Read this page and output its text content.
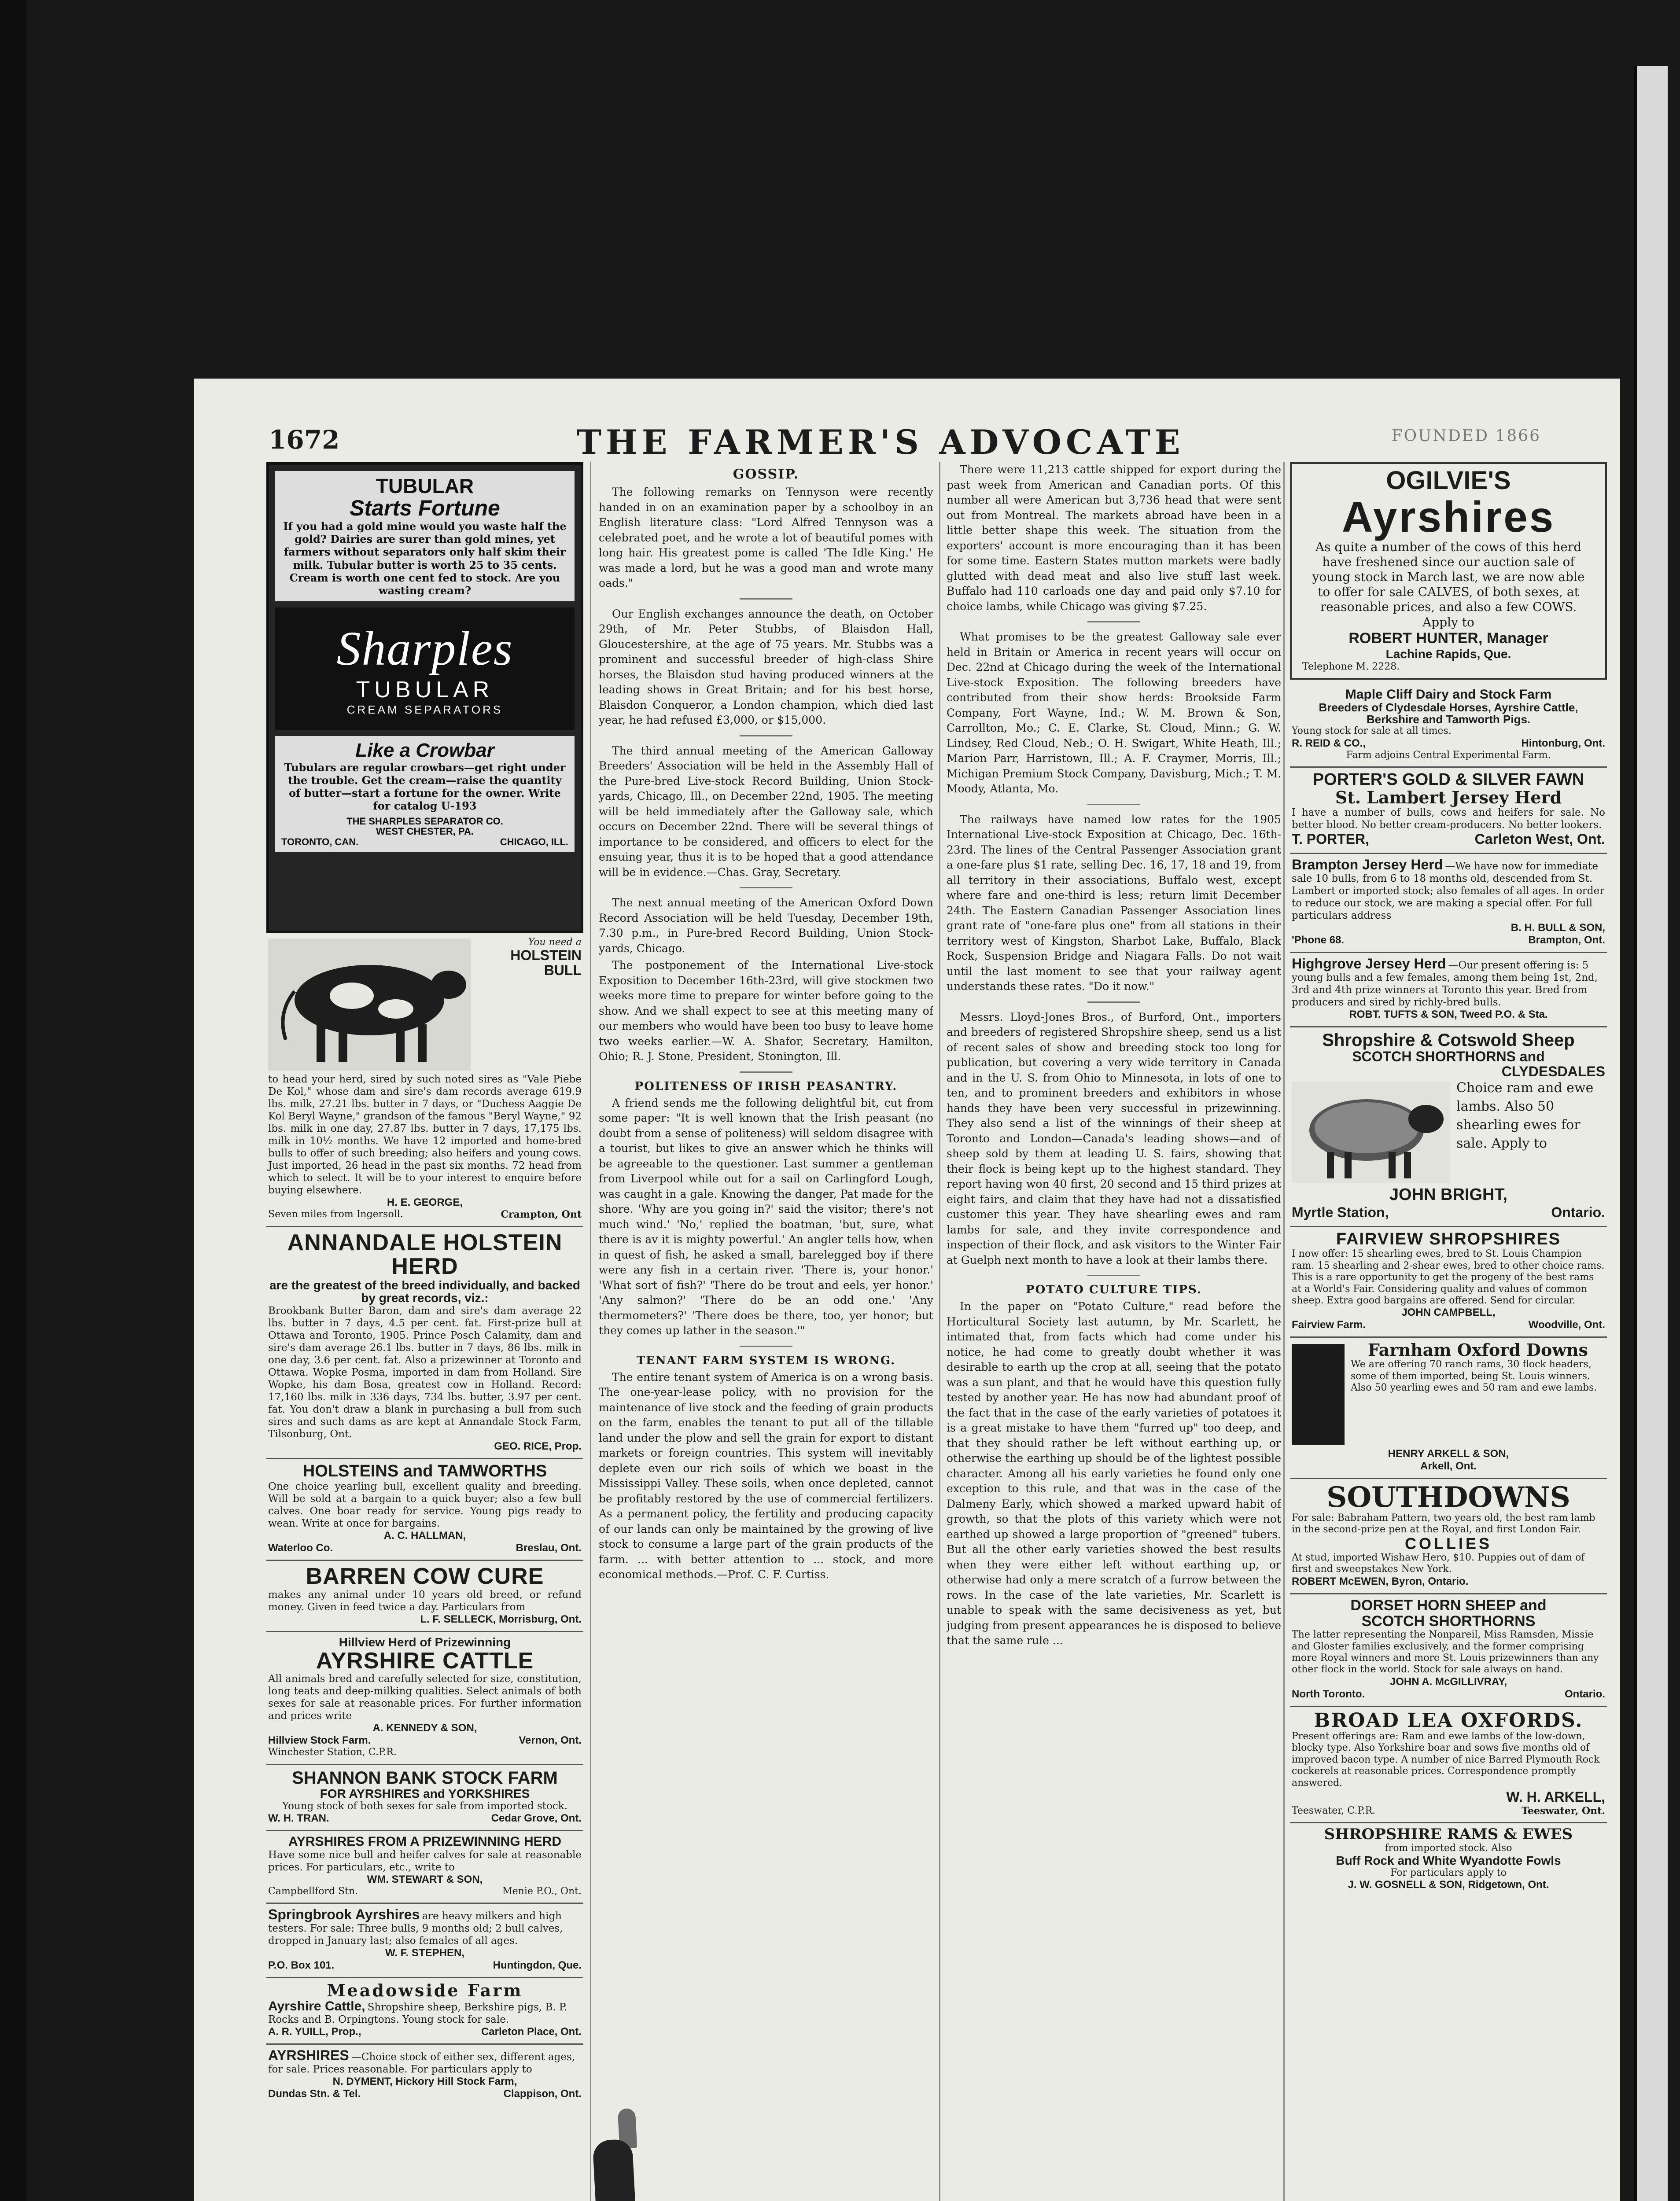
1672	THE FARMER'S ADVOCATE	FOUNDED 1866
TUBULAR
Starts Fortune
If you had a gold mine would you waste half the gold? Dairies are surer than gold mines, yet farmers without separators only half skim their milk. Tubular butter is worth 25 to 35 cents. Cream is worth one cent fed to stock. Are you wasting cream?
Sharples
TUBULAR
CREAM SEPARATORS
Like a Crowbar
Tubulars are regular crowbars—get right under the trouble. Get the cream—raise the quantity of butter—start a fortune for the owner. Write for catalog U-193
THE SHARPLES SEPARATOR CO.
WEST CHESTER, PA.
TORONTO, CAN.	CHICAGO, ILL.
You need a
HOLSTEIN
BULL
to head your herd, sired by such noted sires as "Vale Piebe De Kol," whose dam and sire's dam records average 619.9 lbs. milk, 27.21 lbs. butter in 7 days, or "Duchess Aaggie De Kol Beryl Wayne," grandson of the famous "Beryl Wayne," 92 lbs. milk in one day, 27.87 lbs. butter in 7 days, 17,175 lbs. milk in 10½ months. We have 12 imported and home-bred bulls to offer of such breeding; also heifers and young cows. Just imported, 26 head in the past six months. 72 head from which to select. It will be to your interest to enquire before buying elsewhere.
H. E. GEORGE,
Seven miles from Ingersoll.	Crampton, Ont
ANNANDALE HOLSTEIN HERD
are the greatest of the breed individually, and backed by great records, viz.:
Brookbank Butter Baron, dam and sire's dam average 22 lbs. butter in 7 days, 4.5 per cent. fat. First-prize bull at Ottawa and Toronto, 1905. Prince Posch Calamity, dam and sire's dam average 26.1 lbs. butter in 7 days, 86 lbs. milk in one day, 3.6 per cent. fat. Also a prizewinner at Toronto and Ottawa. Wopke Posma, imported in dam from Holland. Sire Wopke, his dam Bosa, greatest cow in Holland. Record: 17,160 lbs. milk in 336 days, 734 lbs. butter, 3.97 per cent. fat. You don't draw a blank in purchasing a bull from such sires and such dams as are kept at Annandale Stock Farm, Tilsonburg, Ont.
GEO. RICE, Prop.
HOLSTEINS and TAMWORTHS
One choice yearling bull, excellent quality and breeding. Will be sold at a bargain to a quick buyer; also a few bull calves. One boar ready for service. Young pigs ready to wean. Write at once for bargains.
A. C. HALLMAN,
Waterloo Co.	Breslau, Ont.
BARREN COW CURE
makes any animal under 10 years old breed, or refund money. Given in feed twice a day. Particulars from
L. F. SELLECK, Morrisburg, Ont.
Hillview Herd of Prizewinning
AYRSHIRE CATTLE
All animals bred and carefully selected for size, constitution, long teats and deep-milking qualities. Select animals of both sexes for sale at reasonable prices. For further information and prices write
A. KENNEDY & SON,
Hillview Stock Farm.	Vernon, Ont.
Winchester Station, C.P.R.
SHANNON BANK STOCK FARM
FOR AYRSHIRES and YORKSHIRES
Young stock of both sexes for sale from imported stock.
W. H. TRAN.	Cedar Grove, Ont.
AYRSHIRES FROM A PRIZEWINNING HERD
Have some nice bull and heifer calves for sale at reasonable prices. For particulars, etc., write to
WM. STEWART & SON,
Campbellford Stn.	Menie P.O., Ont.
Springbrook Ayrshires are heavy milkers and high testers. For sale: Three bulls, 9 months old; 2 bull calves, dropped in January last; also females of all ages.
W. F. STEPHEN,
P.O. Box 101.	Huntingdon, Que.
Meadowside Farm
Ayrshire Cattle, Shropshire sheep, Berkshire pigs, B. P. Rocks and B. Orpingtons. Young stock for sale.
A. R. YUILL, Prop.,	Carleton Place, Ont.
AYRSHIRES —Choice stock of either sex, different ages, for sale. Prices reasonable. For particulars apply to
N. DYMENT, Hickory Hill Stock Farm,
Dundas Stn. & Tel.	Clappison, Ont.
GOSSIP.

The following remarks on Tennyson were recently handed in on an examination paper by a schoolboy in an English literature class: "Lord Alfred Tennyson was a celebrated poet, and he wrote a lot of beautiful pomes with long hair. His greatest pome is called 'The Idle King.' He was made a lord, but he was a good man and wrote many oads."

Our English exchanges announce the death, on October 29th, of Mr. Peter Stubbs, of Blaisdon Hall, Gloucestershire, at the age of 75 years. Mr. Stubbs was a prominent and successful breeder of high-class Shire horses, the Blaisdon stud having produced winners at the leading shows in Great Britain; and for his best horse, Blaisdon Conqueror, a London champion, which died last year, he had refused £3,000, or $15,000.

The third annual meeting of the American Galloway Breeders' Association will be held in the Assembly Hall of the Pure-bred Live-stock Record Building, Union Stock-yards, Chicago, Ill., on December 22nd, 1905. The meeting will be held immediately after the Galloway sale, which occurs on December 22nd. There will be several things of importance to be considered, and officers to elect for the ensuing year, thus it is to be hoped that a good attendance will be in evidence.—Chas. Gray, Secretary.

The next annual meeting of the American Oxford Down Record Association will be held Tuesday, December 19th, 7.30 p.m., in Pure-bred Record Building, Union Stock-yards, Chicago.

The postponement of the International Live-stock Exposition to December 16th-23rd, will give stockmen two weeks more time to prepare for winter before going to the show. And we shall expect to see at this meeting many of our members who would have been too busy to leave home two weeks earlier.—W. A. Shafor, Secretary, Hamilton, Ohio; R. J. Stone, President, Stonington, Ill.

POLITENESS OF IRISH PEASANTRY.

A friend sends me the following delightful bit, cut from some paper: "It is well known that the Irish peasant (no doubt from a sense of politeness) will seldom disagree with a tourist, but likes to give an answer which he thinks will be agreeable to the questioner. Last summer a gentleman from Liverpool while out for a sail on Carlingford Lough, was caught in a gale. Knowing the danger, Pat made for the shore. 'Why are you going in?' said the visitor; there's not much wind.' 'No,' replied the boatman, 'but, sure, what there is av it is mighty powerful.' An angler tells how, when in quest of fish, he asked a small, barelegged boy if there were any fish in a certain river. 'There is, your honor.' 'What sort of fish?' 'There do be trout and eels, yer honor.' 'Any salmon?' 'There do be an odd one.' 'Any thermometers?' 'There does be there, too, yer honor; but they comes up lather in the season.'"

TENANT FARM SYSTEM IS WRONG.

The entire tenant system of America is on a wrong basis. The one-year-lease policy, with no provision for the maintenance of live stock and the feeding of grain products on the farm, enables the tenant to put all of the tillable land under the plow and sell the grain for export to distant markets or foreign countries. This system will inevitably deplete even our rich soils of which we boast in the Mississippi Valley. These soils, when once depleted, cannot be profitably restored by the use of commercial fertilizers. As a permanent policy, the fertility and producing capacity of our lands can only be maintained by the growing of live stock to consume a large part of the grain products of the farm. ... with better attention to ... stock, and more economical methods.—Prof. C. F. Curtiss.

There were 11,213 cattle shipped for export during the past week from American and Canadian ports. Of this number all were American but 3,736 head that were sent out from Montreal. The markets abroad have been in a little better shape this week. The situation from the exporters' account is more encouraging than it has been for some time. Eastern States mutton markets were badly glutted with dead meat and also live stuff last week. Buffalo had 110 carloads one day and paid only $7.10 for choice lambs, while Chicago was giving $7.25.

What promises to be the greatest Galloway sale ever held in Britain or America in recent years will occur on Dec. 22nd at Chicago during the week of the International Live-stock Exposition. The following breeders have contributed from their show herds: Brookside Farm Company, Fort Wayne, Ind.; W. M. Brown & Son, Carrollton, Mo.; C. E. Clarke, St. Cloud, Minn.; G. W. Lindsey, Red Cloud, Neb.; O. H. Swigart, White Heath, Ill.; Marion Parr, Harristown, Ill.; A. F. Craymer, Morris, Ill.; Michigan Premium Stock Company, Davisburg, Mich.; T. M. Moody, Atlanta, Mo.

The railways have named low rates for the 1905 International Live-stock Exposition at Chicago, Dec. 16th-23rd. The lines of the Central Passenger Association grant a one-fare plus $1 rate, selling Dec. 16, 17, 18 and 19, from all territory in their associations, Buffalo west, except where fare and one-third is less; return limit December 24th. The Eastern Canadian Passenger Association lines grant rate of "one-fare plus one" from all stations in their territory west of Kingston, Sharbot Lake, Buffalo, Black Rock, Suspension Bridge and Niagara Falls. Do not wait until the last moment to see that your railway agent understands these rates. "Do it now."

Messrs. Lloyd-Jones Bros., of Burford, Ont., importers and breeders of registered Shropshire sheep, send us a list of recent sales of show and breeding stock too long for publication, but covering a very wide territory in Canada and in the U. S. from Ohio to Minnesota, in lots of one to ten, and to prominent breeders and exhibitors in whose hands they have been very successful in prizewinning. They also send a list of the winnings of their sheep at Toronto and London—Canada's leading shows—and of sheep sold by them at leading U. S. fairs, showing that their flock is being kept up to the highest standard. They report having won 40 first, 20 second and 15 third prizes at eight fairs, and claim that they have had not a dissatisfied customer this year. They have shearling ewes and ram lambs for sale, and they invite correspondence and inspection of their flock, and ask visitors to the Winter Fair at Guelph next month to have a look at their lambs there.

POTATO CULTURE TIPS.

In the paper on "Potato Culture," read before the Horticultural Society last autumn, by Mr. Scarlett, he intimated that, from facts which had come under his notice, he had come to greatly doubt whether it was desirable to earth up the crop at all, seeing that the potato was a sun plant, and that he would have this question fully tested by another year. He has now had abundant proof of the fact that in the case of the early varieties of potatoes it is a great mistake to have them "furred up" too deep, and that they should rather be left without earthing up, or otherwise the earthing up should be of the lightest possible character. Among all his early varieties he found only one exception to this rule, and that was in the case of the Dalmeny Early, which showed a marked upward habit of growth, so that the plots of this variety which were not earthed up showed a large proportion of "greened" tubers. But all the other early varieties showed the best results when they were either left without earthing up, or otherwise had only a mere scratch of a furrow between the rows. In the case of the late varieties, Mr. Scarlett is unable to speak with the same decisiveness as yet, but judging from present appearances he is disposed to believe that the same rule ...

OGILVIE'S
Ayrshires
As quite a number of the cows of this herd have freshened since our auction sale of young stock in March last, we are now able to offer for sale CALVES, of both sexes, at reasonable prices, and also a few COWS. Apply to
ROBERT HUNTER, Manager
Lachine Rapids, Que.
Telephone M. 2228.
Maple Cliff Dairy and Stock Farm
Breeders of Clydesdale Horses, Ayrshire Cattle, Berkshire and Tamworth Pigs.
Young stock for sale at all times.
R. REID & CO.,	Hintonburg, Ont.
Farm adjoins Central Experimental Farm.
PORTER'S GOLD & SILVER FAWN
St. Lambert Jersey Herd
I have a number of bulls, cows and heifers for sale. No better blood. No better cream-producers. No better lookers.
T. PORTER,	Carleton West, Ont.
Brampton Jersey Herd —We have now for immediate sale 10 bulls, from 6 to 18 months old, descended from St. Lambert or imported stock; also females of all ages. In order to reduce our stock, we are making a special offer. For full particulars address
B. H. BULL & SON,
'Phone 68.	Brampton, Ont.
Highgrove Jersey Herd —Our present offering is: 5 young bulls and a few females, among them being 1st, 2nd, 3rd and 4th prize winners at Toronto this year. Bred from producers and sired by richly-bred bulls.
ROBT. TUFTS & SON, Tweed P.O. & Sta.
Shropshire & Cotswold Sheep
SCOTCH SHORTHORNS and
CLYDESDALES
Choice ram and ewe lambs. Also 50 shearling ewes for sale. Apply to
JOHN BRIGHT,
Myrtle Station,	Ontario.
FAIRVIEW SHROPSHIRES
I now offer: 15 shearling ewes, bred to St. Louis Champion ram. 15 shearling and 2-shear ewes, bred to other choice rams. This is a rare opportunity to get the progeny of the best rams at a World's Fair. Considering quality and values of common sheep. Extra good bargains are offered. Send for circular.
JOHN CAMPBELL,
Fairview Farm.	Woodville, Ont.
Farnham Oxford Downs
We are offering 70 ranch rams, 30 flock headers, some of them imported, being St. Louis winners. Also 50 yearling ewes and 50 ram and ewe lambs.
HENRY ARKELL & SON,
Arkell, Ont.
SOUTHDOWNS
For sale: Babraham Pattern, two years old, the best ram lamb in the second-prize pen at the Royal, and first London Fair.
COLLIES
At stud, imported Wishaw Hero, $10. Puppies out of dam of first and sweepstakes New York.
ROBERT McEWEN, Byron, Ontario.
DORSET HORN SHEEP and
SCOTCH SHORTHORNS
The latter representing the Nonpareil, Miss Ramsden, Missie and Gloster families exclusively, and the former comprising more Royal winners and more St. Louis prizewinners than any other flock in the world. Stock for sale always on hand.
JOHN A. McGILLIVRAY,
North Toronto.	Ontario.
BROAD LEA OXFORDS.
Present offerings are: Ram and ewe lambs of the low-down, blocky type. Also Yorkshire boar and sows five months old of improved bacon type. A number of nice Barred Plymouth Rock cockerels at reasonable prices. Correspondence promptly answered.
W. H. ARKELL,
Teeswater, C.P.R.	Teeswater, Ont.
SHROPSHIRE RAMS & EWES
from imported stock. Also
Buff Rock and White Wyandotte Fowls
For particulars apply to
J. W. GOSNELL & SON, Ridgetown, Ont.
